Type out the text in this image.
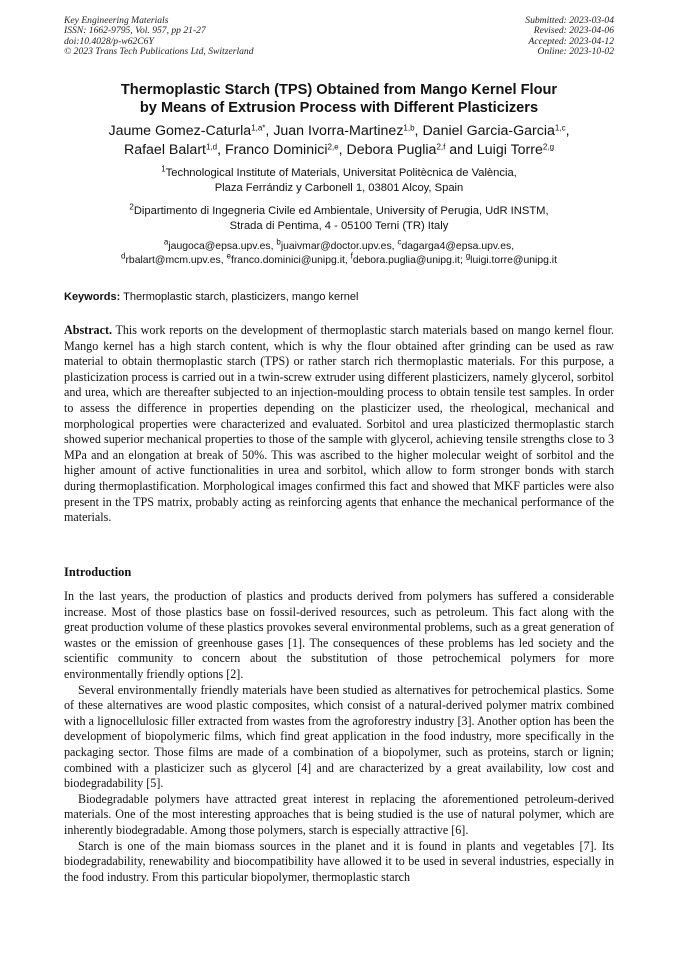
Key Engineering Materials
ISSN: 1662-9795, Vol. 957, pp 21-27
doi:10.4028/p-w62C6Y
© 2023 Trans Tech Publications Ltd, Switzerland
Submitted: 2023-03-04
Revised: 2023-04-06
Accepted: 2023-04-12
Online: 2023-10-02
Thermoplastic Starch (TPS) Obtained from Mango Kernel Flour
by Means of Extrusion Process with Different Plasticizers
Jaume Gomez-Caturla$^{1,a*}$, Juan Ivorra-Martinez$^{1,b}$, Daniel Garcia-Garcia$^{1,c}$,
Rafael Balart$^{1,d}$, Franco Dominici$^{2,e}$, Debora Puglia$^{2,f}$ and Luigi Torre$^{2,g}$
$^1$Technological Institute of Materials, Universitat Politècnica de València,
Plaza Ferrándiz y Carbonell 1, 03801 Alcoy, Spain
$^2$Dipartimento di Ingegneria Civile ed Ambientale, University of Perugia, UdR INSTM,
Strada di Pentima, 4 - 05100 Terni (TR) Italy
$^a$jaugoca@epsa.upv.es, $^b$juaivmar@doctor.upv.es, $^c$dagarga4@epsa.upv.es,
$^d$rbalart@mcm.upv.es, $^e$franco.dominici@unipg.it, $^f$debora.puglia@unipg.it; $^g$luigi.torre@unipg.it
Keywords: Thermoplastic starch, plasticizers, mango kernel

Abstract. This work reports on the development of thermoplastic starch materials based on mango kernel flour. Mango kernel has a high starch content, which is why the flour obtained after grinding can be used as raw material to obtain thermoplastic starch (TPS) or rather starch rich thermoplastic materials. For this purpose, a plasticization process is carried out in a twin-screw extruder using different plasticizers, namely glycerol, sorbitol and urea, which are thereafter subjected to an injection-moulding process to obtain tensile test samples. In order to assess the difference in properties depending on the plasticizer used, the rheological, mechanical and morphological properties were characterized and evaluated. Sorbitol and urea plasticized thermoplastic starch showed superior mechanical properties to those of the sample with glycerol, achieving tensile strengths close to 3 MPa and an elongation at break of 50%. This was ascribed to the higher molecular weight of sorbitol and the higher amount of active functionalities in urea and sorbitol, which allow to form stronger bonds with starch during thermoplastification. Morphological images confirmed this fact and showed that MKF particles were also present in the TPS matrix, probably acting as reinforcing agents that enhance the mechanical performance of the materials.

Introduction

In the last years, the production of plastics and products derived from polymers has suffered a considerable increase. Most of those plastics base on fossil-derived resources, such as petroleum. This fact along with the great production volume of these plastics provokes several environmental problems, such as a great generation of wastes or the emission of greenhouse gases [1]. The consequences of these problems has led society and the scientific community to concern about the substitution of those petrochemical polymers for more environmentally friendly options [2].

Several environmentally friendly materials have been studied as alternatives for petrochemical plastics. Some of these alternatives are wood plastic composites, which consist of a natural-derived polymer matrix combined with a lignocellulosic filler extracted from wastes from the agroforestry industry [3]. Another option has been the development of biopolymeric films, which find great application in the food industry, more specifically in the packaging sector. Those films are made of a combination of a biopolymer, such as proteins, starch or lignin; combined with a plasticizer such as glycerol [4] and are characterized by a great availability, low cost and biodegradability [5].

Biodegradable polymers have attracted great interest in replacing the aforementioned petroleum-derived materials. One of the most interesting approaches that is being studied is the use of natural polymer, which are inherently biodegradable. Among those polymers, starch is especially attractive [6].

Starch is one of the main biomass sources in the planet and it is found in plants and vegetables [7]. Its biodegradability, renewability and biocompatibility have allowed it to be used in several industries, especially in the food industry. From this particular biopolymer, thermoplastic starch
